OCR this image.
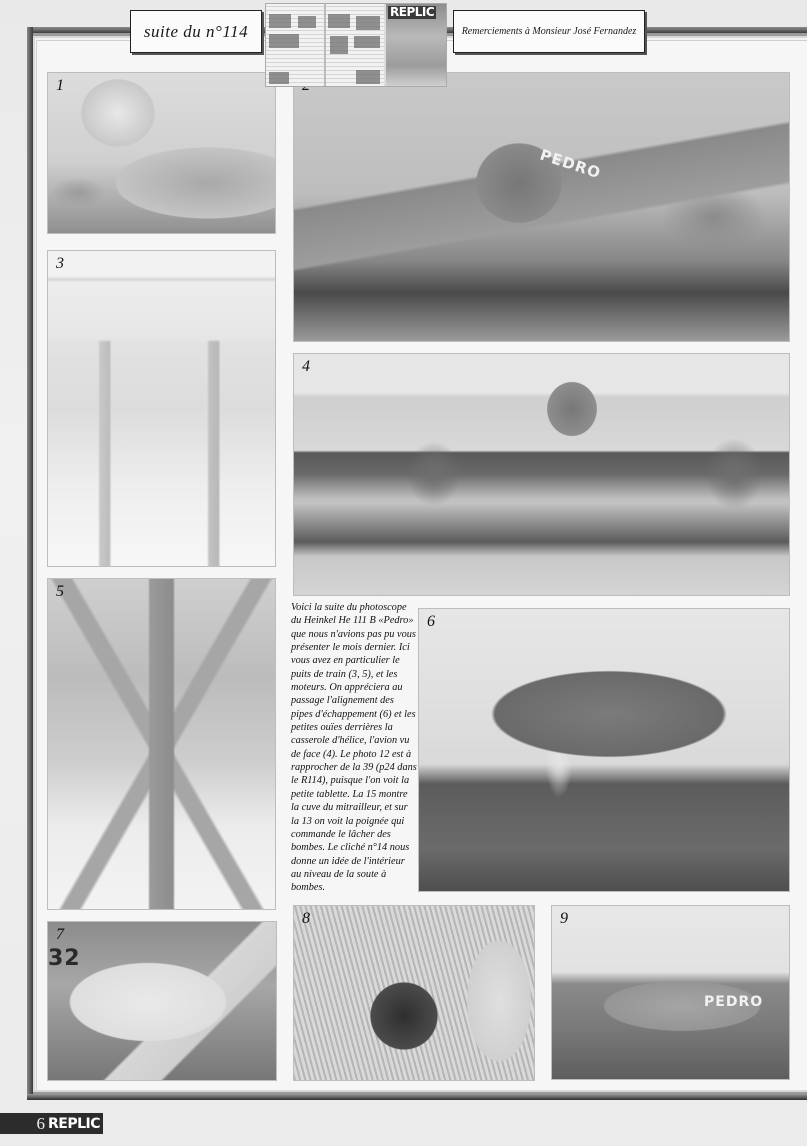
suite du n°114
REPLIC
Remerciements à Monsieur José Fernandez
1
PEDRO
3
4
5
Voici la suite du photoscope du Heinkel He 111 B «Pedro» que nous n'avions pas pu vous présenter le mois dernier. Ici vous avez en particulier le puits de train (3, 5), et les moteurs. On appréciera au passage l'alignement des pipes d'échappement (6) et les petites ouïes derrières la casserole d'hélice, l'avion vu de face (4). Le photo 12 est à rapprocher de la 39 (p24 dans le R114), puisque l'on voit la petite tablette. La 15 montre la cuve du mitrailleur, et sur la 13 on voit la poignée qui commande le lâcher des bombes. Le cliché n°14 nous donne un idée de l'intérieur au niveau de la soute à bombes.
6
32
7
8	9
PEDRO
6 REPLIC
